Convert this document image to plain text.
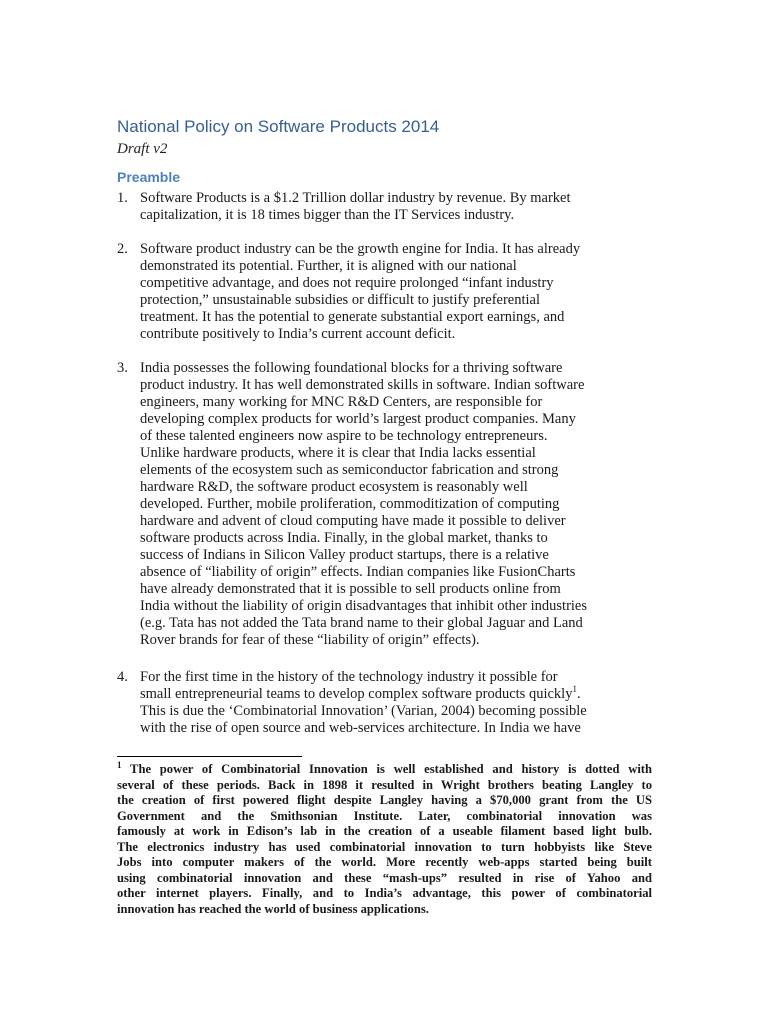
National Policy on Software Products 2014
Draft v2
Preamble
1. Software Products is a $1.2 Trillion dollar industry by revenue. By market
capitalization, it is 18 times bigger than the IT Services industry.
2. Software product industry can be the growth engine for India. It has already
demonstrated its potential. Further, it is aligned with our national
competitive advantage, and does not require prolonged “infant industry
protection,” unsustainable subsidies or difficult to justify preferential
treatment. It has the potential to generate substantial export earnings, and
contribute positively to India’s current account deficit.
3. India possesses the following foundational blocks for a thriving software
product industry. It has well demonstrated skills in software. Indian software
engineers, many working for MNC R&D Centers, are responsible for
developing complex products for world’s largest product companies. Many
of these talented engineers now aspire to be technology entrepreneurs.
Unlike hardware products, where it is clear that India lacks essential
elements of the ecosystem such as semiconductor fabrication and strong
hardware R&D, the software product ecosystem is reasonably well
developed. Further, mobile proliferation, commoditization of computing
hardware and advent of cloud computing have made it possible to deliver
software products across India. Finally, in the global market, thanks to
success of Indians in Silicon Valley product startups, there is a relative
absence of “liability of origin” effects. Indian companies like FusionCharts
have already demonstrated that it is possible to sell products online from
India without the liability of origin disadvantages that inhibit other industries
(e.g. Tata has not added the Tata brand name to their global Jaguar and Land
Rover brands for fear of these “liability of origin” effects).
4. For the first time in the history of the technology industry it possible for
small entrepreneurial teams to develop complex software products quickly$^1$.
This is due the ‘Combinatorial Innovation’ (Varian, 2004) becoming possible
with the rise of open source and web-services architecture. In India we have
$^1$ The power of Combinatorial Innovation is well established and history is dotted with
several of these periods. Back in 1898 it resulted in Wright brothers beating Langley to
the creation of first powered flight despite Langley having a $70,000 grant from the US
Government and the Smithsonian Institute. Later, combinatorial innovation was
famously at work in Edison’s lab in the creation of a useable filament based light bulb.
The electronics industry has used combinatorial innovation to turn hobbyists like Steve
Jobs into computer makers of the world. More recently web-apps started being built
using combinatorial innovation and these “mash-ups” resulted in rise of Yahoo and
other internet players. Finally, and to India’s advantage, this power of combinatorial
innovation has reached the world of business applications.
